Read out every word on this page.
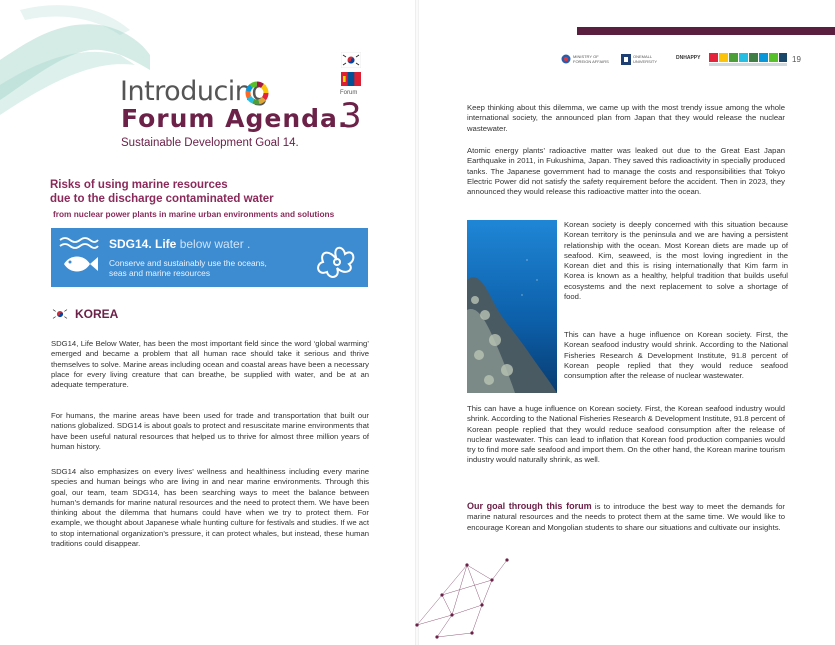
Introducing
Forum Agenda.
Sustainable Development Goal 14.
Forum
3
Risks of using marine resources
due to the discharge contaminated water
from nuclear power plants in marine urban environments and solutions
SDG14. Life below water .
Conserve and sustainably use the oceans,
seas and marine resources
KOREA
SDG14, Life Below Water, has been the most important field since the word ‘global warming’ emerged and became a problem that all human race should take it serious and thrive themselves to solve. Marine areas including ocean and coastal areas have been a necessary place for every living creature that can breathe, be supplied with water, and be at an adequate temperature.
For humans, the marine areas have been used for trade and transportation that built our nations globalized. SDG14 is about goals to protect and resuscitate marine environments that have been useful natural resources that helped us to thrive for almost three million years of human history.
SDG14 also emphasizes on every lives’ wellness and healthiness including every marine species and human beings who are living in and near marine environments. Through this goal, our team, team SDG14, has been searching ways to meet the balance between human’s demands for marine natural resources and the need to protect them. We have been thinking about the dilemma that humans could have when we try to protect them. For example, we thought about Japanese whale hunting culture for festivals and studies. If we act to stop international organization’s pressure, it can protect whales, but instead, these human traditions could disappear.
MINISTRY OF FOREIGN AFFAIRS
ONEMALL UNIVERSITY	DNHAPPY	19
Keep thinking about this dilemma, we came up with the most trendy issue among the whole international society, the announced plan from Japan that they would release the nuclear wastewater.
Atomic energy plants’ radioactive matter was leaked out due to the Great East Japan Earthquake in 2011, in Fukushima, Japan. They saved this radioactivity in specially produced tanks. The Japanese government had to manage the costs and responsibilities that Tokyo Electric Power did not satisfy the safety requirement before the accident. Then in 2023, they announced they would release this radioactive matter into the ocean.
Korean society is deeply concerned with this situation because Korean territory is the peninsula and we are having a persistent relationship with the ocean. Most Korean diets are made up of seafood. Kim, seaweed, is the most loving ingredient in the Korean diet and this is rising internationally that Kim farm in Korea is known as a healthy, helpful tradition that builds useful ecosystems and the next replacement to solve a shortage of food.
This can have a huge influence on Korean society. First, the Korean seafood industry would shrink. According to the National Fisheries Research & Development Institute, 91.8 percent of Korean people replied that they would reduce seafood consumption after the release of nuclear wastewater.
This can have a huge influence on Korean society. First, the Korean seafood industry would shrink. According to the National Fisheries Research & Development Institute, 91.8 percent of Korean people replied that they would reduce seafood consumption after the release of nuclear wastewater. This can lead to inflation that Korean food production companies would try to find more safe seafood and import them. On the other hand, the Korean marine tourism industry would naturally shrink, as well.
Our goal through this forum is to introduce the best way to meet the demands for marine natural resources and the needs to protect them at the same time. We would like to encourage Korean and Mongolian students to share our situations and cultivate our insights.
